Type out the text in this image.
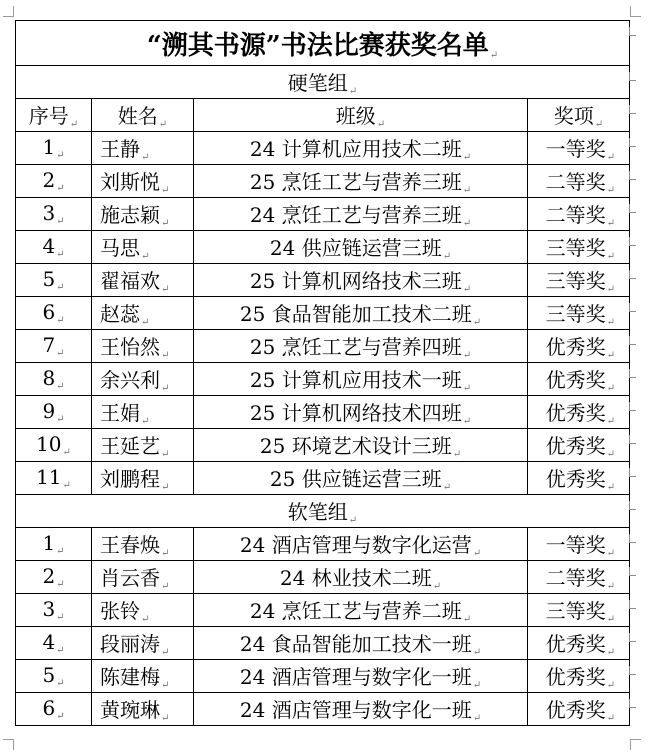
“溯其书源”书法比赛获奖名单↵			
硬笔组$_↵$
序号$_↵$	姓名$_↵$	班级$_↵$	奖项$_↵$
$1_↵$	王静$_↵$	24 计算机应用技术二班$_↵$	一等奖$_↵$
$2_↵$	刘斯悦$_↵$	25 烹饪工艺与营养三班$_↵$	二等奖$_↵$
$3_↵$	施志颖$_↵$	24 烹饪工艺与营养三班$_↵$	二等奖$_↵$
$4_↵$	马思$_↵$	24 供应链运营三班$_↵$	三等奖$_↵$
$5_↵$	翟福欢$_↵$	25 计算机网络技术三班$_↵$	三等奖$_↵$
$6_↵$	赵蕊$_↵$	25 食品智能加工技术二班$_↵$	三等奖$_↵$
$7_↵$	王怡然$_↵$	25 烹饪工艺与营养四班$_↵$	优秀奖$_↵$
$8_↵$	余兴利$_↵$	25 计算机应用技术一班$_↵$	优秀奖$_↵$
$9_↵$	王娟$_↵$	25 计算机网络技术四班$_↵$	优秀奖$_↵$
$10_↵$	王延艺$_↵$	25 环境艺术设计三班$_↵$	优秀奖$_↵$
$11_↵$	刘鹏程$_↵$	25 供应链运营三班$_↵$	优秀奖$_↵$
软笔组$_↵$
$1_↵$	王春焕$_↵$	24 酒店管理与数字化运营$_↵$	一等奖$_↵$
$2_↵$	肖云香$_↵$	24 林业技术二班$_↵$	二等奖$_↵$
$3_↵$	张铃$_↵$	24 烹饪工艺与营养二班$_↵$	三等奖$_↵$
$4_↵$	段丽涛$_↵$	24 食品智能加工技术一班$_↵$	优秀奖$_↵$
$5_↵$	陈建梅$_↵$	24 酒店管理与数字化一班$_↵$	优秀奖$_↵$
$6_↵$	黄琬琳$_↵$	24 酒店管理与数字化一班$_↵$	优秀奖$_↵$
